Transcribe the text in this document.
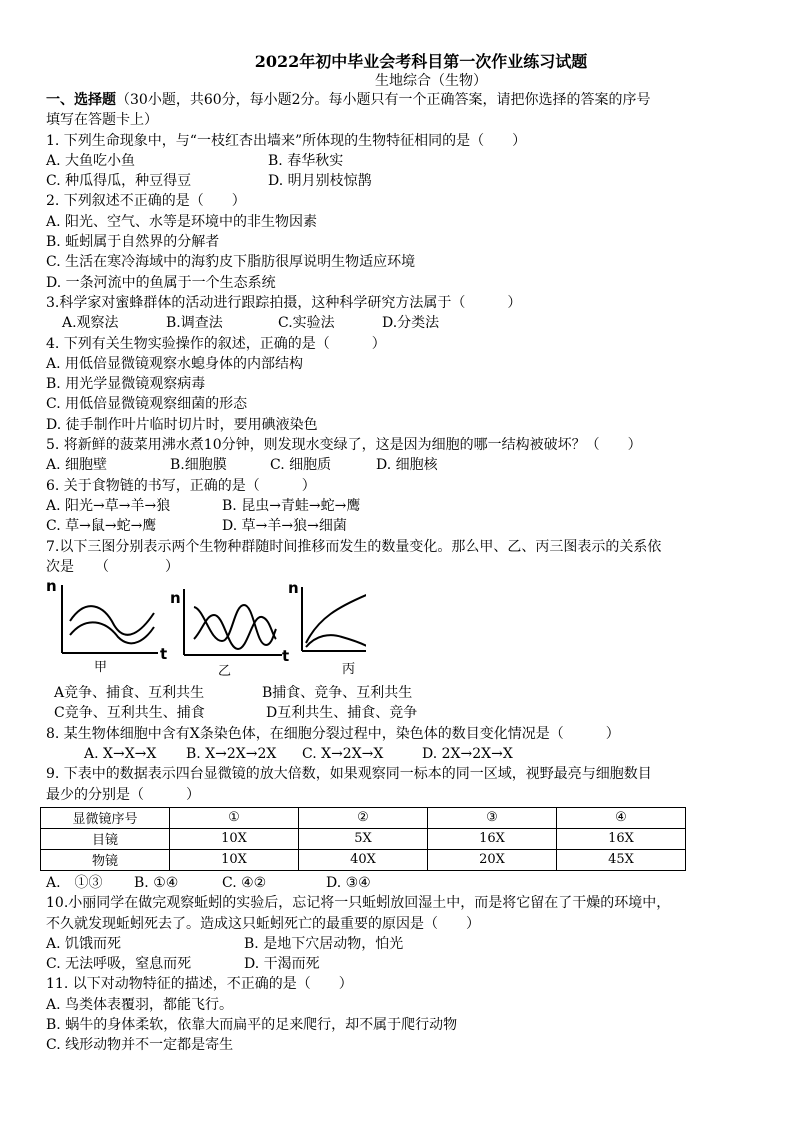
2022年初中毕业会考科目第一次作业练习试题
生地综合（生物）
一、选择题（30小题，共60分，每小题2分。每小题只有一个正确答案，请把你选择的答案的序号
填写在答题卡上）
1. 下列生命现象中，与“一枝红杏出墙来”所体现的生物特征相同的是（　　）
A. 大鱼吃小鱼	B. 春华秋实
C. 种瓜得瓜，种豆得豆	D. 明月别枝惊鹊
2. 下列叙述不正确的是（　　）
A. 阳光、空气、水等是环境中的非生物因素
B. 蚯蚓属于自然界的分解者
C. 生活在寒冷海域中的海豹皮下脂肪很厚说明生物适应环境
D. 一条河流中的鱼属于一个生态系统
3.科学家对蜜蜂群体的活动进行跟踪拍摄，这种科学研究方法属于（　　　）
A.观察法	B.调查法	C.实验法	D.分类法
4. 下列有关生物实验操作的叙述，正确的是（　　　）
A. 用低倍显微镜观察水螅身体的内部结构
B. 用光学显微镜观察病毒
C. 用低倍显微镜观察细菌的形态
D. 徒手制作叶片临时切片时，要用碘液染色
5. 将新鲜的菠菜用沸水煮10分钟，则发现水变绿了，这是因为细胞的哪一结构被破坏？（　　）
A. 细胞壁	B.细胞膜	C. 细胞质	D. 细胞核
6. 关于食物链的书写，正确的是（　　　）
A. 阳光→草→羊→狼	B. 昆虫→青蛙→蛇→鹰
C. 草→鼠→蛇→鹰	D. 草→羊→狼→细菌
7.以下三图分别表示两个生物种群随时间推移而发生的数量变化。那么甲、乙、丙三图表示的关系依
次是　　（　　　　）
n
t
n
t
n
甲	乙	丙
A竞争、捕食、互利共生	B捕食、竞争、互利共生
C竞争、互利共生、捕食	D互利共生、捕食、竞争
8. 某生物体细胞中含有X条染色体，在细胞分裂过程中，染色体的数目变化情况是（　　　）
A. X→X→X B. X→2X→2X C. X→2X→X	D. 2X→2X→X
9. 下表中的数据表示四台显微镜的放大倍数，如果观察同一标本的同一区域，视野最亮与细胞数目
最少的分别是（　　　）
显微镜序号	①	②	③	④
目镜	10X	5X	16X	16X
物镜	10X	40X	20X	45X
A.　①③ B. ①④	C. ④②	D. ③④
10.小丽同学在做完观察蚯蚓的实验后，忘记将一只蚯蚓放回湿土中，而是将它留在了干燥的环境中，
不久就发现蚯蚓死去了。造成这只蚯蚓死亡的最重要的原因是（　　）
A. 饥饿而死	B. 是地下穴居动物，怕光
C. 无法呼吸，窒息而死	D. 干渴而死
11. 以下对动物特征的描述，不正确的是（　　）
A. 鸟类体表覆羽，都能飞行。
B. 蜗牛的身体柔软，依靠大而扁平的足来爬行，却不属于爬行动物
C. 线形动物并不一定都是寄生
